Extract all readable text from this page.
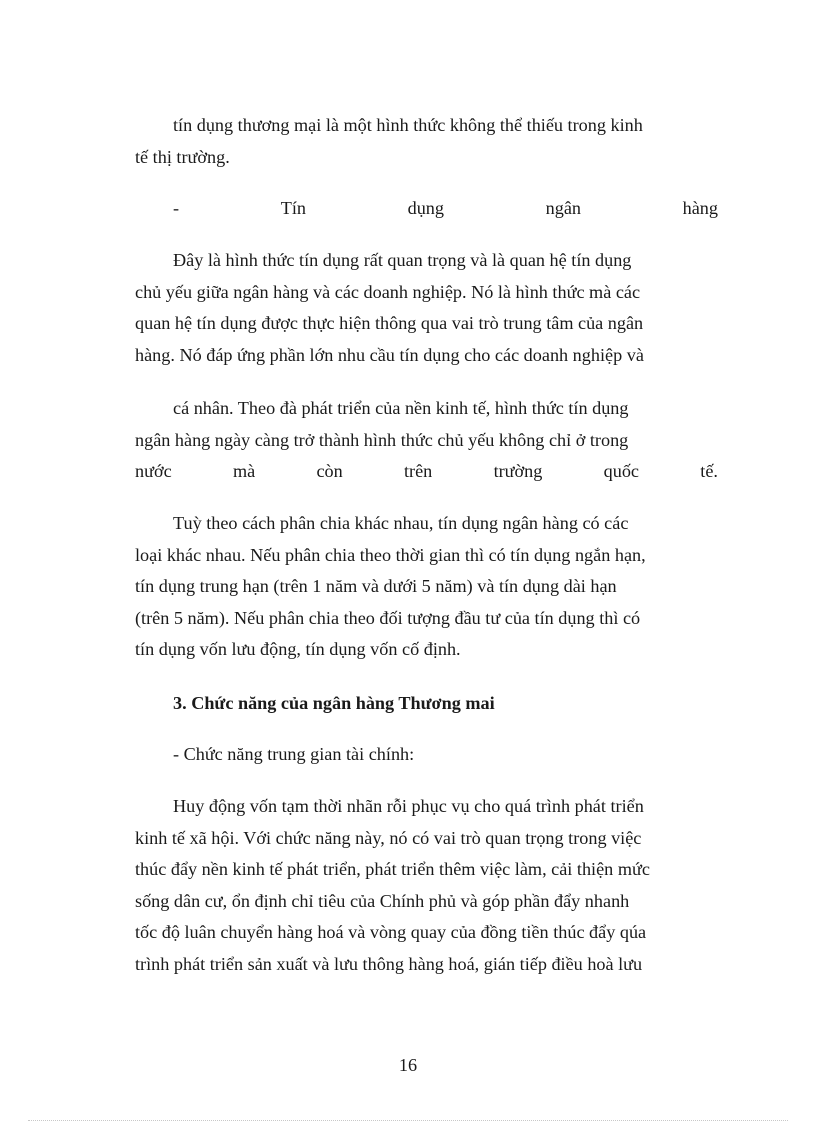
tín dụng thương mại là một hình thức không thể thiếu trong kinh
tế thị trường.
-	Tín	dụng	ngân	hàng
Đây là hình thức tín dụng rất quan trọng và là quan hệ tín dụng
chủ yếu giữa ngân hàng và các doanh nghiệp. Nó là hình thức mà các
quan hệ tín dụng được thực hiện thông qua vai trò trung tâm của ngân
hàng. Nó đáp ứng phần lớn nhu cầu tín dụng cho các doanh nghiệp và
cá nhân. Theo đà phát triển của nền kinh tế, hình thức tín dụng
ngân hàng ngày càng trở thành hình thức chủ yếu không chỉ ở trong
nước	mà	còn	trên	trường	quốc	tế.
Tuỳ theo cách phân chia khác nhau, tín dụng ngân hàng có các
loại khác nhau. Nếu phân chia theo thời gian thì có tín dụng ngắn hạn,
tín dụng trung hạn (trên 1 năm và dưới 5 năm) và tín dụng dài hạn
(trên 5 năm). Nếu phân chia theo đối tượng đầu tư của tín dụng thì có
tín dụng vốn lưu động, tín dụng vốn cố định.

3. Chức năng của ngân hàng Thương mai

- Chức năng trung gian tài chính:

Huy động vốn tạm thời nhãn rỗi phục vụ cho quá trình phát triển
kinh tế xã hội. Với chức năng này, nó có vai trò quan trọng trong việc
thúc đẩy nền kinh tế phát triển, phát triển thêm việc làm, cải thiện mức
sống dân cư, ổn định chỉ tiêu của Chính phủ và góp phần đẩy nhanh
tốc độ luân chuyển hàng hoá và vòng quay của đồng tiền thúc đẩy qúa
trình phát triển sản xuất và lưu thông hàng hoá, gián tiếp điều hoà lưu

16
